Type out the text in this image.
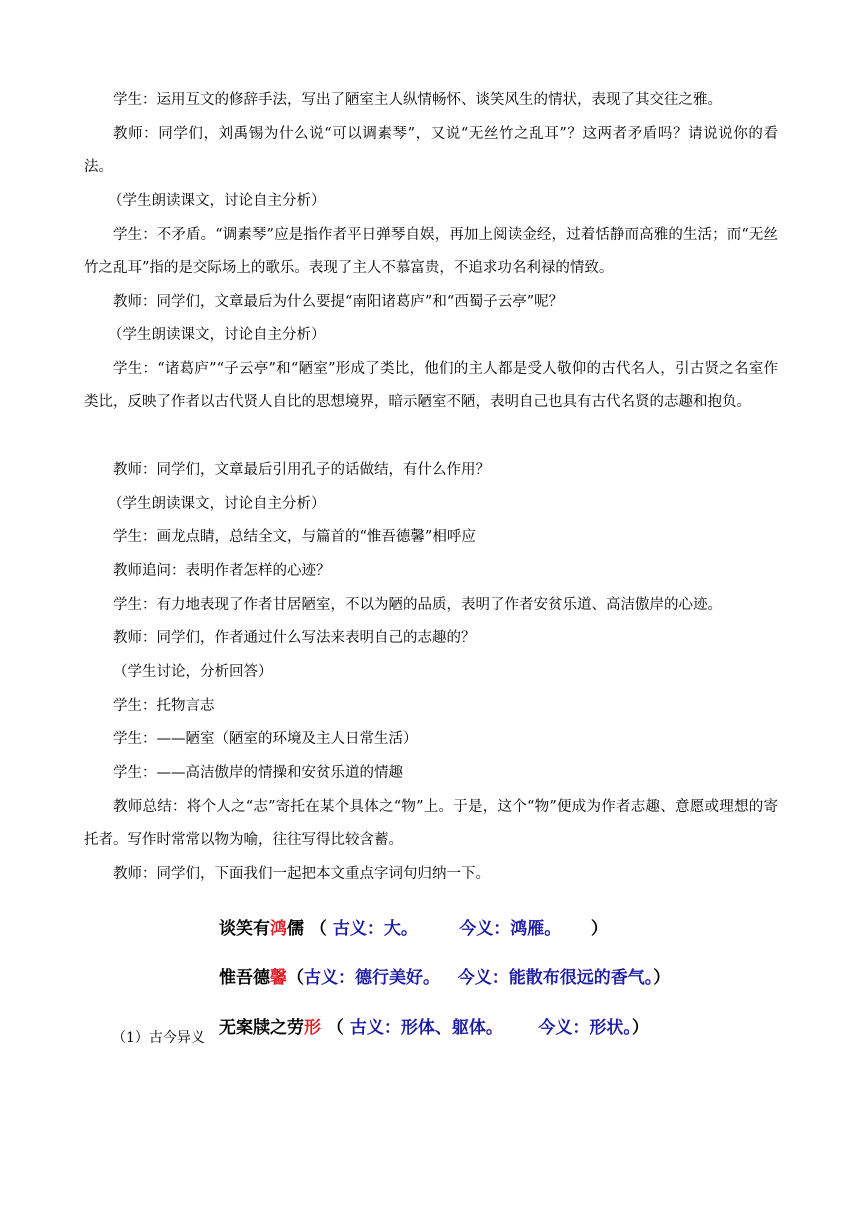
学生：运用互文的修辞手法，写出了陋室主人纵情畅怀、谈笑风生的情状，表现了其交往之雅。

教师：同学们，刘禹锡为什么说“可以调素琴”，又说“无丝竹之乱耳”？这两者矛盾吗？请说说你的看法。

（学生朗读课文，讨论自主分析）

学生：不矛盾。“调素琴”应是指作者平日弹琴自娱，再加上阅读金经，过着恬静而高雅的生活；而“无丝竹之乱耳”指的是交际场上的歌乐。表现了主人不慕富贵，不追求功名利禄的情致。

教师：同学们，文章最后为什么要提“南阳诸葛庐”和“西蜀子云亭”呢？

（学生朗读课文，讨论自主分析）

学生：“诸葛庐”“子云亭”和“陋室”形成了类比，他们的主人都是受人敬仰的古代名人，引古贤之名室作类比，反映了作者以古代贤人自比的思想境界，暗示陋室不陋，表明自己也具有古代名贤的志趣和抱负。

教师：同学们，文章最后引用孔子的话做结，有什么作用？

（学生朗读课文，讨论自主分析）

学生：画龙点睛，总结全文，与篇首的“惟吾德馨”相呼应

教师追问：表明作者怎样的心迹？

学生：有力地表现了作者甘居陋室，不以为陋的品质，表明了作者安贫乐道、高洁傲岸的心迹。

教师：同学们，作者通过什么写法来表明自己的志趣的？

（学生讨论，分析回答）

学生：托物言志

学生：——陋室（陋室的环境及主人日常生活）

学生：——高洁傲岸的情操和安贫乐道的情趣

教师总结：将个人之“志”寄托在某个具体之“物”上。于是，这个“物”便成为作者志趣、意愿或理想的寄托者。写作时常常以物为喻，往往写得比较含蓄。

教师：同学们，下面我们一起把本文重点字词句归纳一下。

谈笑有鸿儒 （ 古义：大。 今义：鸿雁。 ）
惟吾德馨（古义：德行美好。 今义：能散布很远的香气。）
无案牍之劳形 （ 古义：形体、躯体。 今义：形状。）
（1）古今异义
